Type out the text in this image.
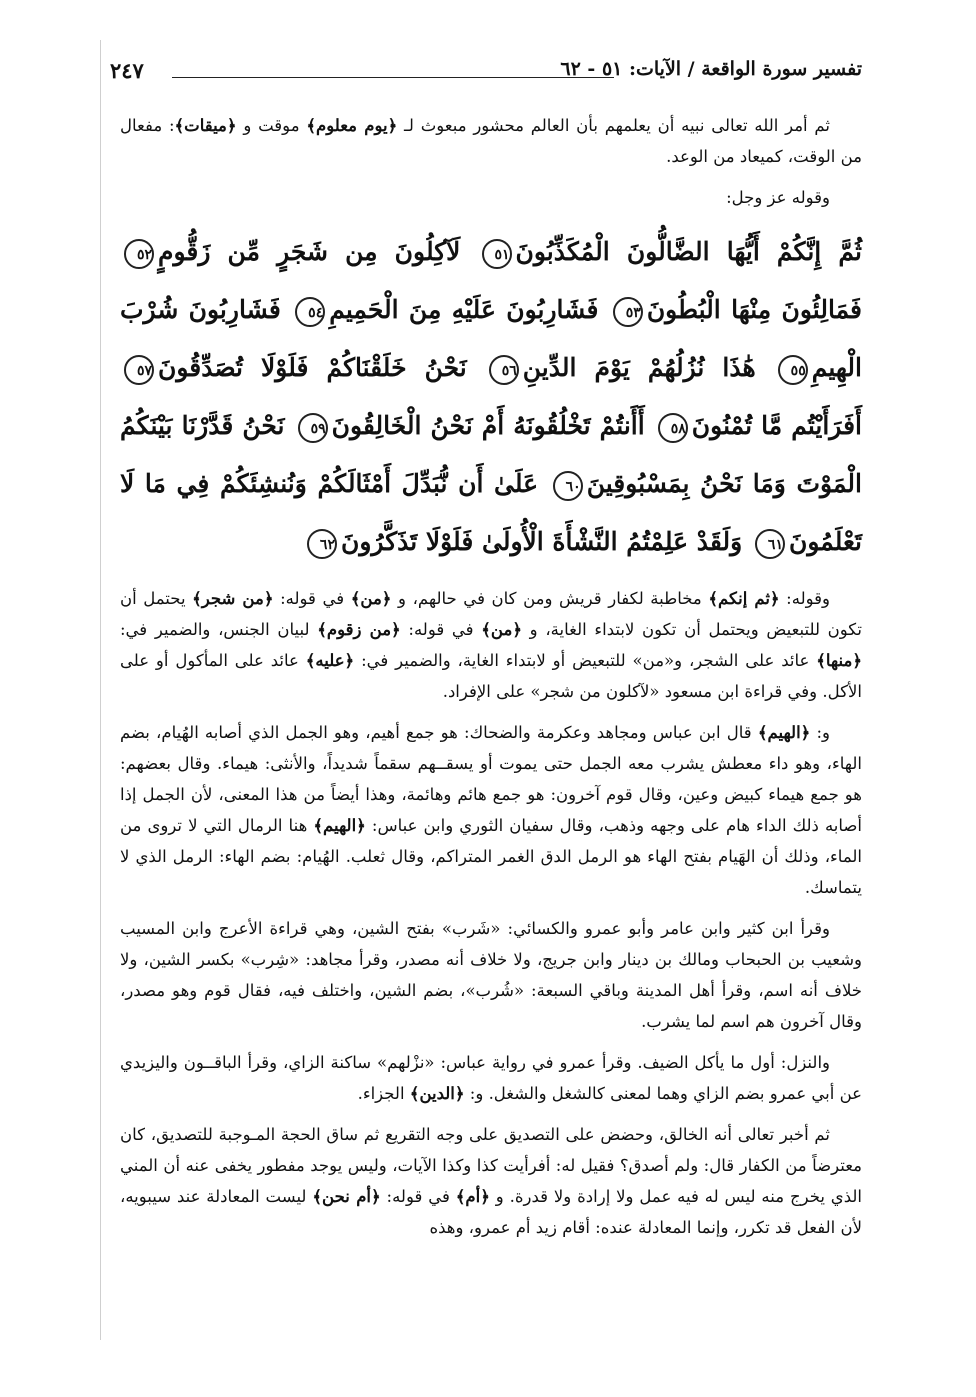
تفسير سورة الواقعة / الآيات: ٥١ - ٦٢
٢٤٧

ثم أمر الله تعالى نبيه أن يعلمهم بأن العالم محشور مبعوث لـ ﴿يوم معلوم﴾ موقت و ﴿ميقات﴾: مفعال من الوقت، كميعاد من الوعد.

وقوله عز وجل:

ثُمَّ إِنَّكُمْ أَيُّهَا الضَّالُّونَ الْمُكَذِّبُونَ٥١ لَآكِلُونَ مِن شَجَرٍ مِّن زَقُّومٍ٥٢ فَمَالِئُونَ مِنْهَا الْبُطُونَ٥٣ فَشَارِبُونَ عَلَيْهِ مِنَ الْحَمِيمِ٥٤ فَشَارِبُونَ شُرْبَ الْهِيمِ٥٥ هَٰذَا نُزُلُهُمْ يَوْمَ الدِّينِ٥٦ نَحْنُ خَلَقْنَاكُمْ فَلَوْلَا تُصَدِّقُونَ٥٧ أَفَرَأَيْتُم مَّا تُمْنُونَ٥٨ أَأَنتُمْ تَخْلُقُونَهُ أَمْ نَحْنُ الْخَالِقُونَ٥٩ نَحْنُ قَدَّرْنَا بَيْنَكُمُ الْمَوْتَ وَمَا نَحْنُ بِمَسْبُوقِينَ٦٠ عَلَىٰ أَن نُّبَدِّلَ أَمْثَالَكُمْ وَنُنشِئَكُمْ فِي مَا لَا تَعْلَمُونَ٦١ وَلَقَدْ عَلِمْتُمُ النَّشْأَةَ الْأُولَىٰ فَلَوْلَا تَذَكَّرُونَ٦٢

وقوله: ﴿ثم إنكم﴾ مخاطبة لكفار قريش ومن كان في حالهم، و ﴿من﴾ في قوله: ﴿من شجر﴾ يحتمل أن تكون للتبعيض ويحتمل أن تكون لابتداء الغاية، و ﴿من﴾ في قوله: ﴿من زقوم﴾ لبيان الجنس، والضمير في: ﴿منها﴾ عائد على الشجر، و«من» للتبعيض أو لابتداء الغاية، والضمير في: ﴿عليه﴾ عائد على المأكول أو على الأكل. وفي قراءة ابن مسعود «لآكلون من شجر» على الإفراد.

و: ﴿الهيم﴾ قال ابن عباس ومجاهد وعكرمة والضحاك: هو جمع أهيم، وهو الجمل الذي أصابه الهُيام، بضم الهاء، وهو داء معطش يشرب معه الجمل حتى يموت أو يسقــهم سقماً شديداً، والأنثى: هيماء. وقال بعضهم: هو جمع هيماء كبيض وعين، وقال قوم آخرون: هو جمع هائم وهائمة، وهذا أيضاً من هذا المعنى، لأن الجمل إذا أصابه ذلك الداء هام على وجهه وذهب، وقال سفيان الثوري وابن عباس: ﴿الهيم﴾ هنا الرمال التي لا تروى من الماء، وذلك أن الهَيام بفتح الهاء هو الرمل الدق الغمر المتراكم، وقال ثعلب. الهُيام: بضم الهاء: الرمل الذي لا يتماسك.

وقرأ ابن كثير وابن عامر وأبو عمرو والكسائي: «شَرب» بفتح الشين، وهي قراءة الأعرج وابن المسيب وشعيب بن الحبحاب ومالك بن دينار وابن جريج، ولا خلاف أنه مصدر، وقرأ مجاهد: «شِرب» بكسر الشين، ولا خلاف أنه اسم، وقرأ أهل المدينة وباقي السبعة: «شُرب»، بضم الشين، واختلف فيه، فقال قوم وهو مصدر، وقال آخرون هم اسم لما يشرب.

والنزل: أول ما يأكل الضيف. وقرأ عمرو في رواية عباس: «نزْلهم» ساكنة الزاي، وقرأ الباقــون واليزيدي عن أبي عمرو بضم الزاي وهما لمعنى كالشغل والشغل. و: ﴿الدين﴾ الجزاء.

ثم أخبر تعالى أنه الخالق، وحضض على التصديق على وجه التقريع ثم ساق الحجة المـوجبة للتصديق، كان معترضاً من الكفار قال: ولم أصدق؟ فقيل له: أفرأيت كذا وكذا الآيات، وليس يوجد مفطور يخفى عنه أن المني الذي يخرج منه ليس له فيه عمل ولا إرادة ولا قدرة. و ﴿أم﴾ في قوله: ﴿أم نحن﴾ ليست المعادلة عند سيبويه، لأن الفعل قد تكرر، وإنما المعادلة عنده: أقام زيد أم عمرو، وهذه
